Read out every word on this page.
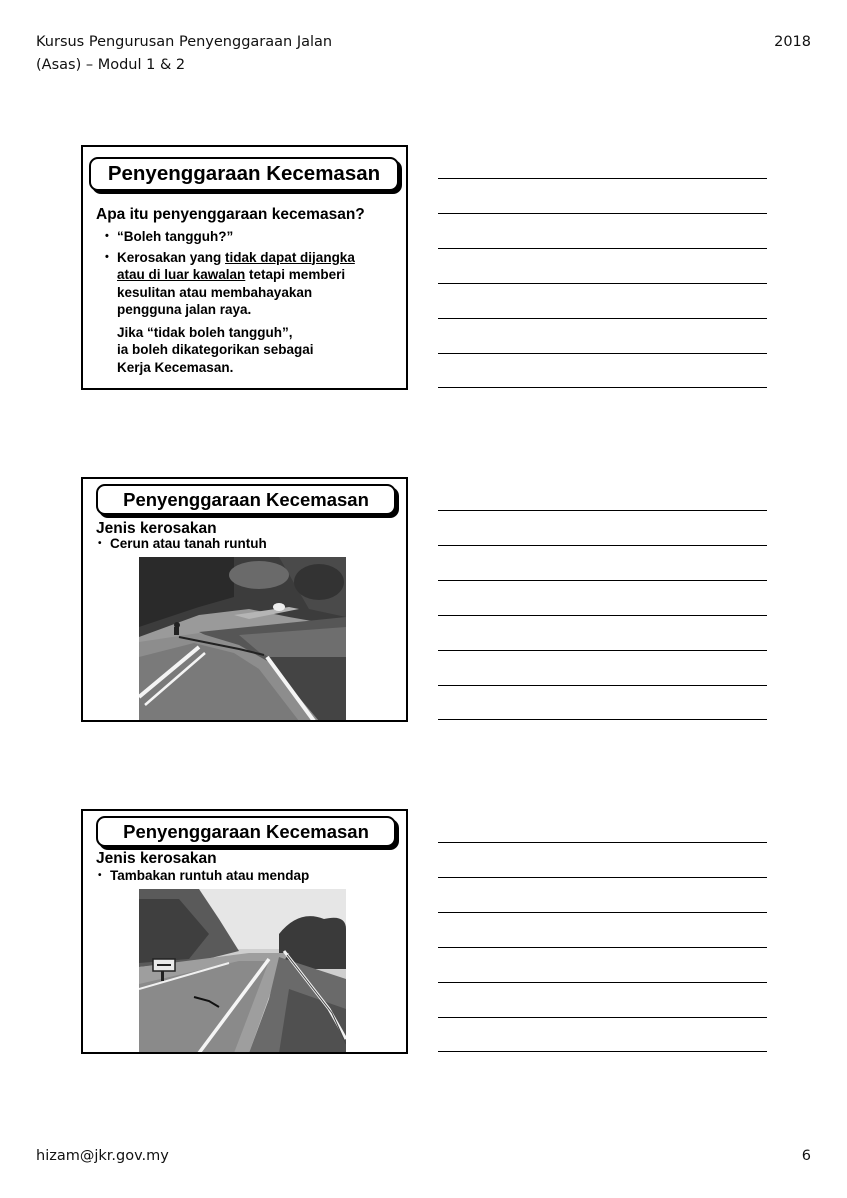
Kursus Pengurusan Penyenggaraan Jalan
(Asas) – Modul 1 & 2
2018
Penyenggaraan Kecemasan
Apa itu penyenggaraan kecemasan?
• “Boleh tangguh?”
• Kerosakan yang tidak dapat dijangka
atau di luar kawalan tetapi memberi
kesulitan atau membahayakan
pengguna jalan raya.
Jika “tidak boleh tangguh”,
ia boleh dikategorikan sebagai
Kerja Kecemasan.
Penyenggaraan Kecemasan
Jenis kerosakan
• Cerun atau tanah runtuh
Penyenggaraan Kecemasan
Jenis kerosakan
• Tambakan runtuh atau mendap
hizam@jkr.gov.my	6
